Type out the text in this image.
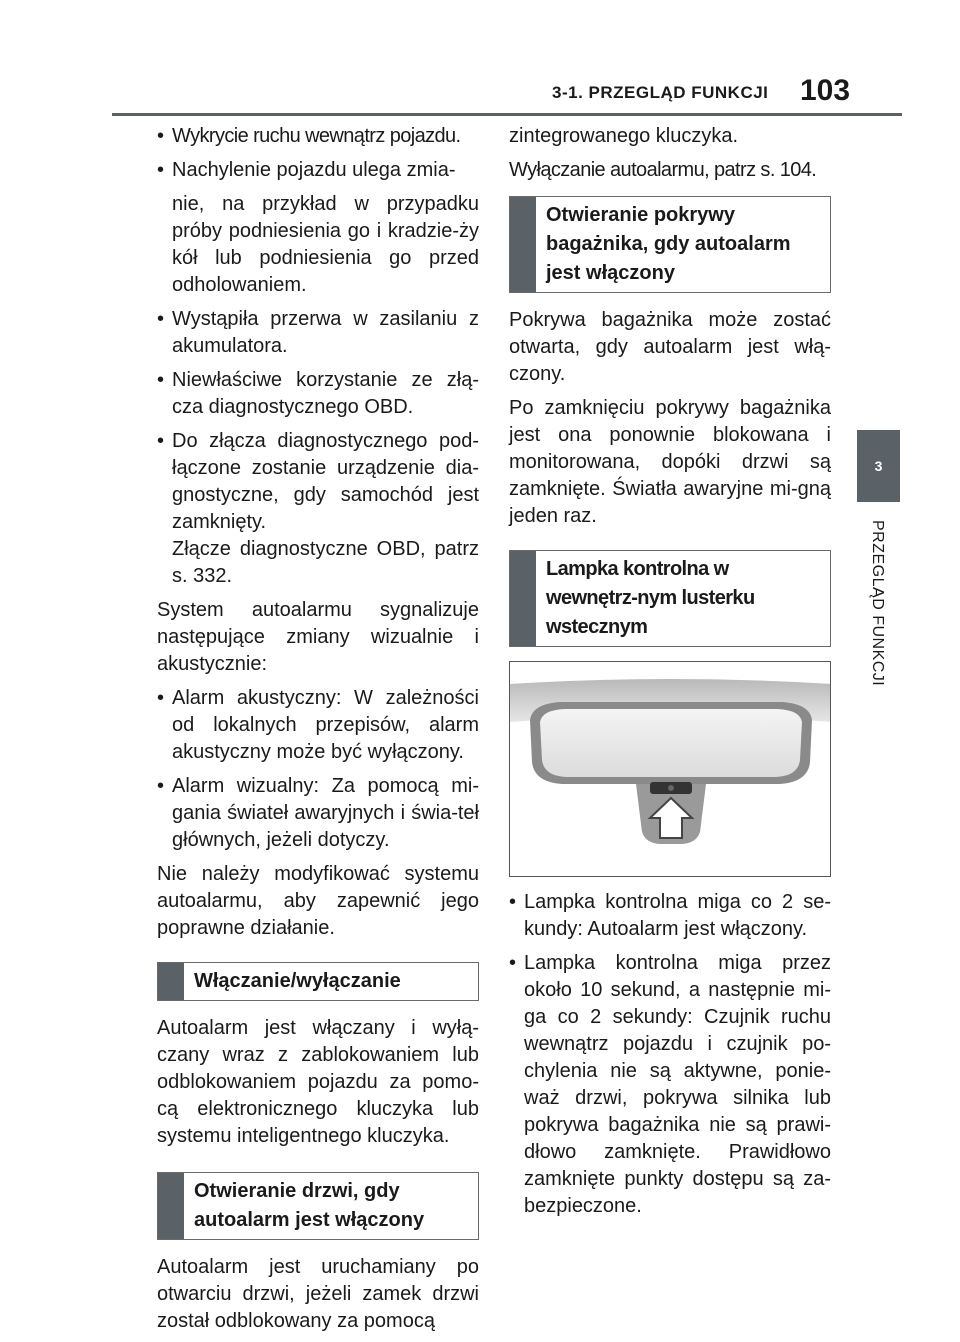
3-1. PRZEGLĄD FUNKCJI 103
3
PRZEGLĄD FUNKCJI
• Wykrycie ruchu wewnątrz pojazdu.
• Nachylenie pojazdu ulega zmia-
nie, na przykład w przypadku próby podniesienia go i kradzie-ży kół lub podniesienia go przed odholowaniem.
• Wystąpiła przerwa w zasilaniu z akumulatora.
• Niewłaściwe korzystanie ze złą-cza diagnostycznego OBD.
• Do złącza diagnostycznego pod-łączone zostanie urządzenie dia-gnostyczne, gdy samochód jest zamknięty.
Złącze diagnostyczne OBD, patrz s. 332.

System autoalarmu sygnalizuje następujące zmiany wizualnie i akustycznie:

• Alarm akustyczny: W zależności od lokalnych przepisów, alarm akustyczny może być wyłączony.
• Alarm wizualny: Za pomocą mi-gania świateł awaryjnych i świa-teł głównych, jeżeli dotyczy.

Nie należy modyfikować systemu autoalarmu, aby zapewnić jego poprawne działanie.

Włączanie/wyłączanie

Autoalarm jest włączany i wyłą-czany wraz z zablokowaniem lub odblokowaniem pojazdu za pomo-cą elektronicznego kluczyka lub systemu inteligentnego kluczyka.

Otwieranie drzwi, gdy autoalarm jest włączony

Autoalarm jest uruchamiany po otwarciu drzwi, jeżeli zamek drzwi został odblokowany za pomocą

zintegrowanego kluczyka.

Wyłączanie autoalarmu, patrz s. 104.

Otwieranie pokrywy bagażnika, gdy autoalarm jest włączony

Pokrywa bagażnika może zostać otwarta, gdy autoalarm jest włą-czony.

Po zamknięciu pokrywy bagażnika jest ona ponownie blokowana i monitorowana, dopóki drzwi są zamknięte. Światła awaryjne mi-gną jeden raz.

Lampka kontrolna w wewnętrz-nym lusterku wstecznym
• Lampka kontrolna miga co 2 se-kundy: Autoalarm jest włączony.
• Lampka kontrolna miga przez około 10 sekund, a następnie mi-ga co 2 sekundy: Czujnik ruchu wewnątrz pojazdu i czujnik po-chylenia nie są aktywne, ponie-waż drzwi, pokrywa silnika lub pokrywa bagażnika nie są prawi-dłowo zamknięte. Prawidłowo zamknięte punkty dostępu są za-bezpieczone.
